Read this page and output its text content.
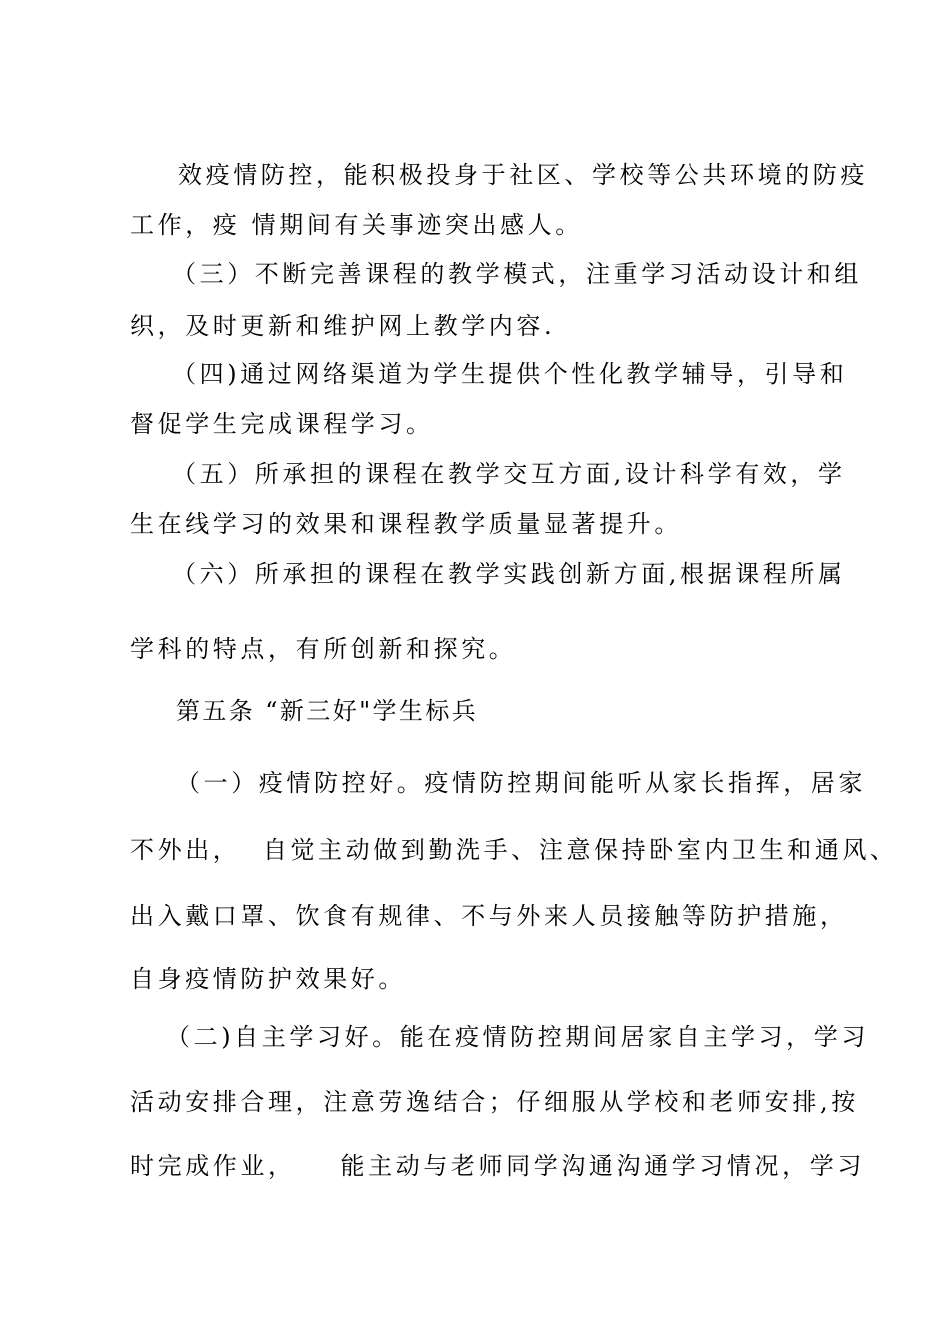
效疫情防控，能积极投身于社区、学校等公共环境的防疫
工作，疫 情期间有关事迹突出感人。
（三）不断完善课程的教学模式，注重学习活动设计和组
织，及时更新和维护网上教学内容.
（四)通过网络渠道为学生提供个性化教学辅导，引导和
督促学生完成课程学习。
（五）所承担的课程在教学交互方面,设计科学有效，学
生在线学习的效果和课程教学质量显著提升。
（六）所承担的课程在教学实践创新方面,根据课程所属
学科的特点，有所创新和探究。
第五条 “新三好"学生标兵
（一）疫情防控好。疫情防控期间能听从家长指挥，居家
不外出，  自觉主动做到勤洗手、注意保持卧室内卫生和通风、
出入戴口罩、饮食有规律、不与外来人员接触等防护措施，
自身疫情防护效果好。
（二)自主学习好。能在疫情防控期间居家自主学习，学习
活动安排合理，注意劳逸结合；仔细服从学校和老师安排,按
时完成作业，    能主动与老师同学沟通沟通学习情况，学习
